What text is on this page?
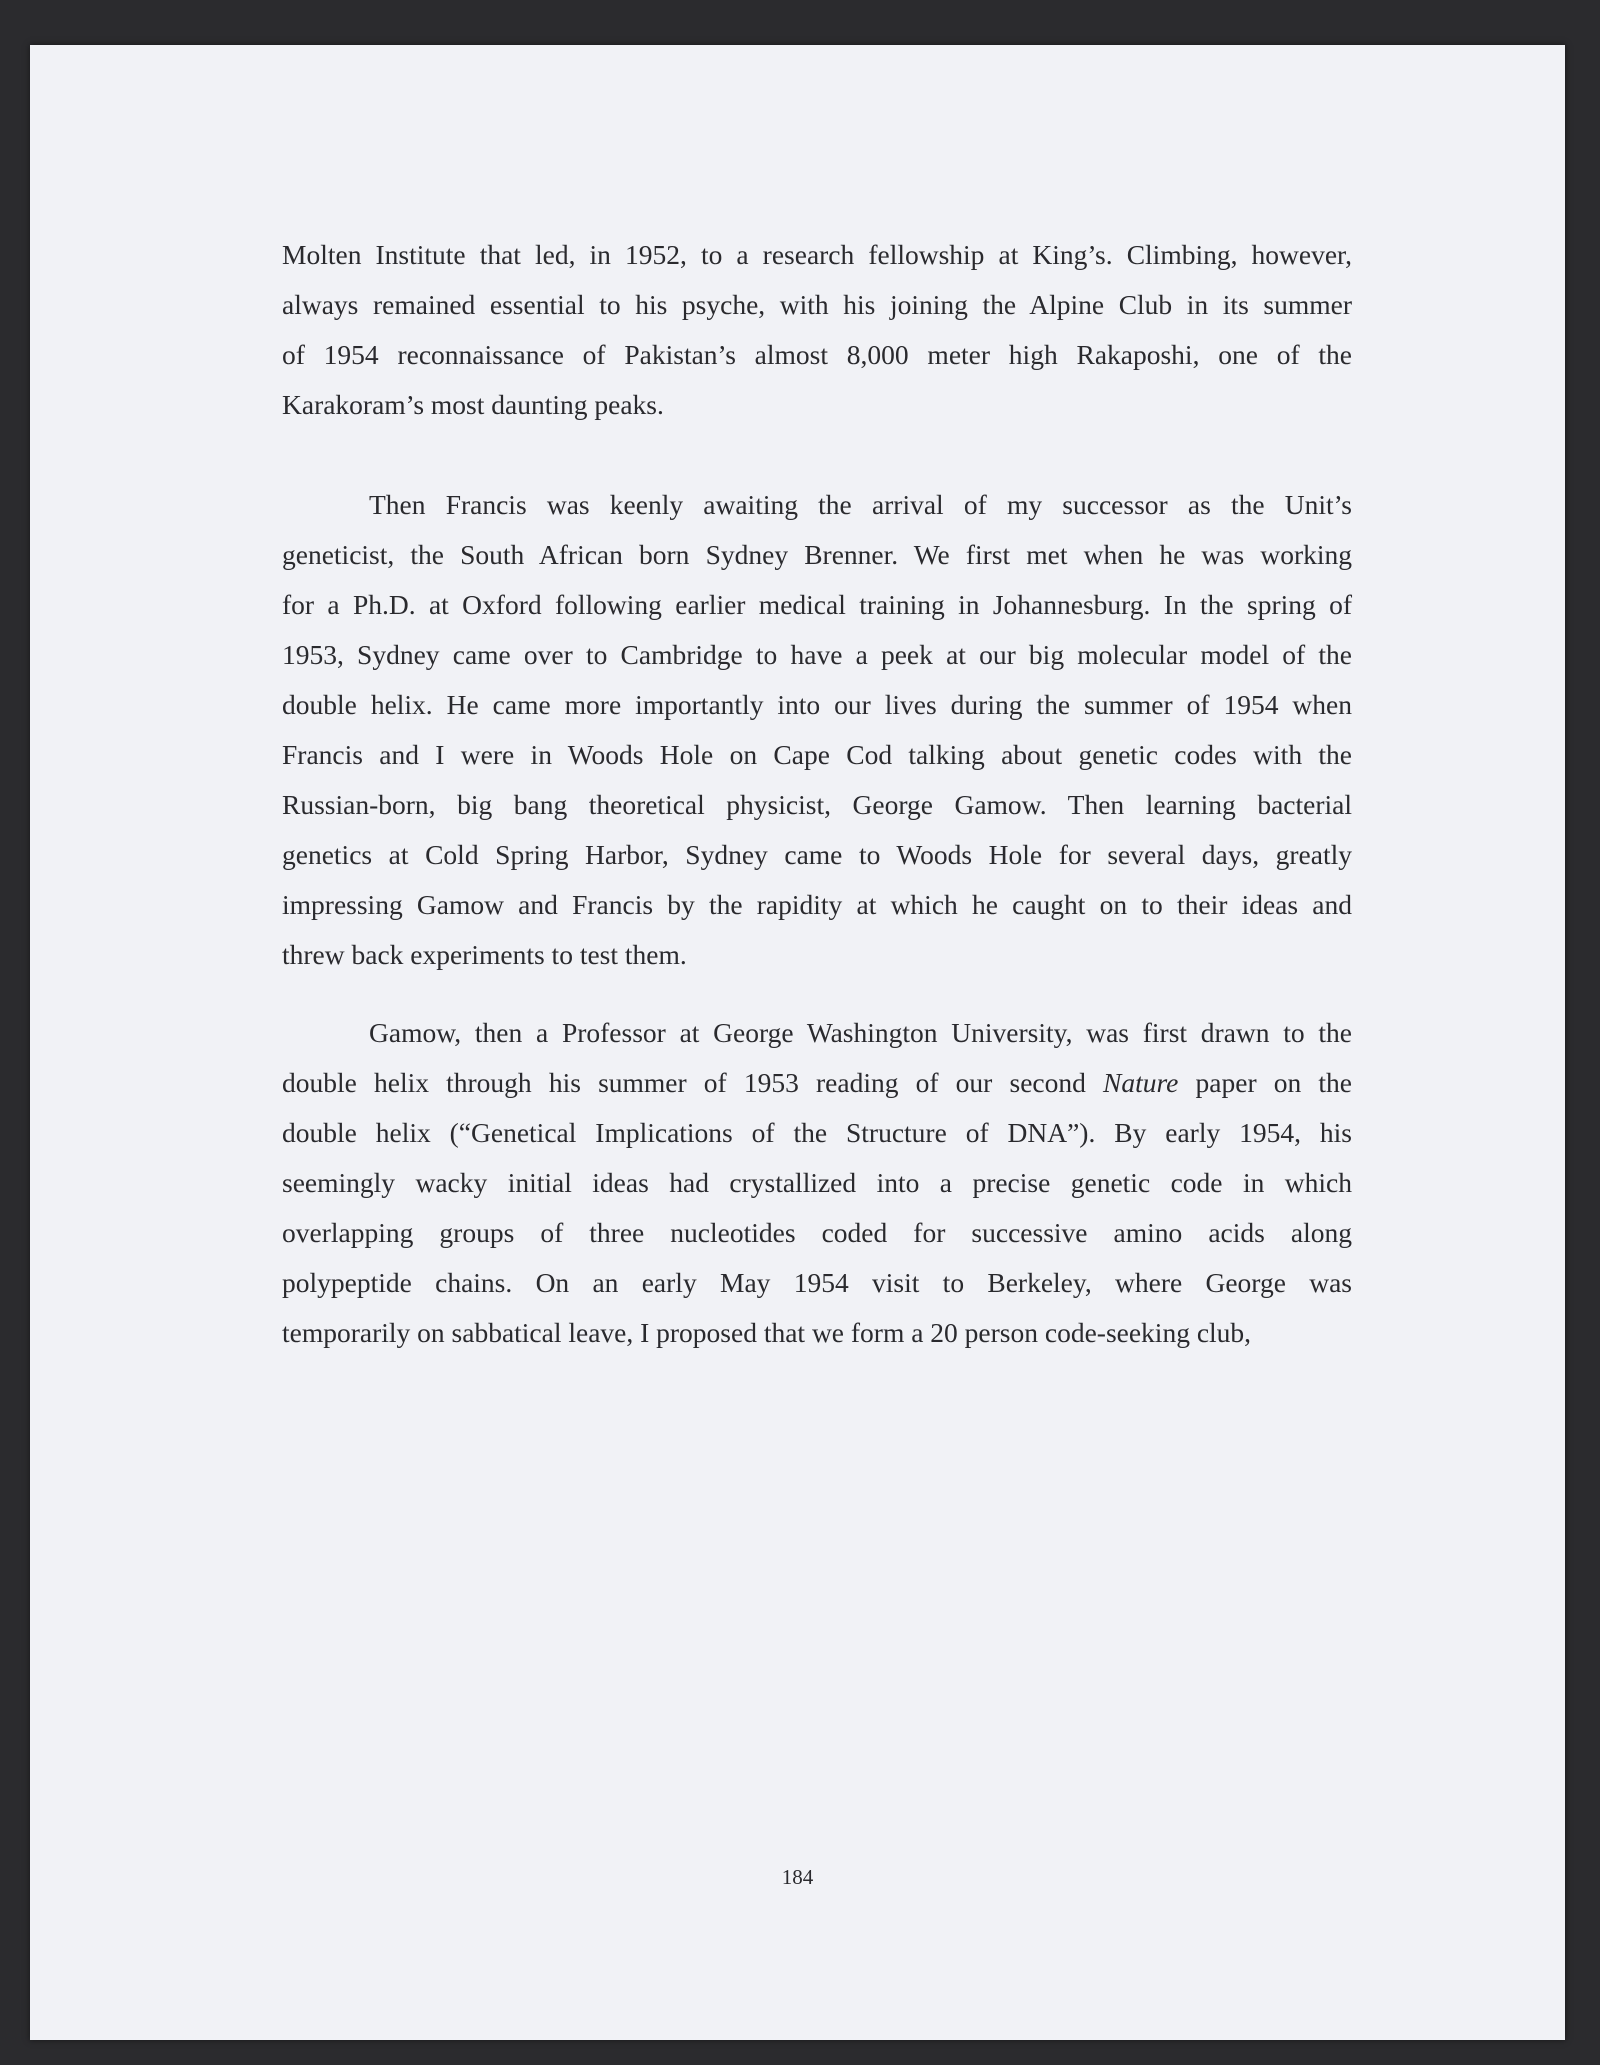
Molten Institute that led, in 1952, to a research fellowship at King’s. Climbing, however,
always remained essential to his psyche, with his joining the Alpine Club in its summer
of 1954 reconnaissance of Pakistan’s almost 8,000 meter high Rakaposhi, one of the
Karakoram’s most daunting peaks.
Then Francis was keenly awaiting the arrival of my successor as the Unit’s
geneticist, the South African born Sydney Brenner. We first met when he was working
for a Ph.D. at Oxford following earlier medical training in Johannesburg. In the spring of
1953, Sydney came over to Cambridge to have a peek at our big molecular model of the
double helix. He came more importantly into our lives during the summer of 1954 when
Francis and I were in Woods Hole on Cape Cod talking about genetic codes with the
Russian-born, big bang theoretical physicist, George Gamow. Then learning bacterial
genetics at Cold Spring Harbor, Sydney came to Woods Hole for several days, greatly
impressing Gamow and Francis by the rapidity at which he caught on to their ideas and
threw back experiments to test them.
Gamow, then a Professor at George Washington University, was first drawn to the
double helix through his summer of 1953 reading of our second Nature paper on the
double helix (“Genetical Implications of the Structure of DNA”). By early 1954, his
seemingly wacky initial ideas had crystallized into a precise genetic code in which
overlapping groups of three nucleotides coded for successive amino acids along
polypeptide chains. On an early May 1954 visit to Berkeley, where George was
temporarily on sabbatical leave, I proposed that we form a 20 person code-seeking club,
184
